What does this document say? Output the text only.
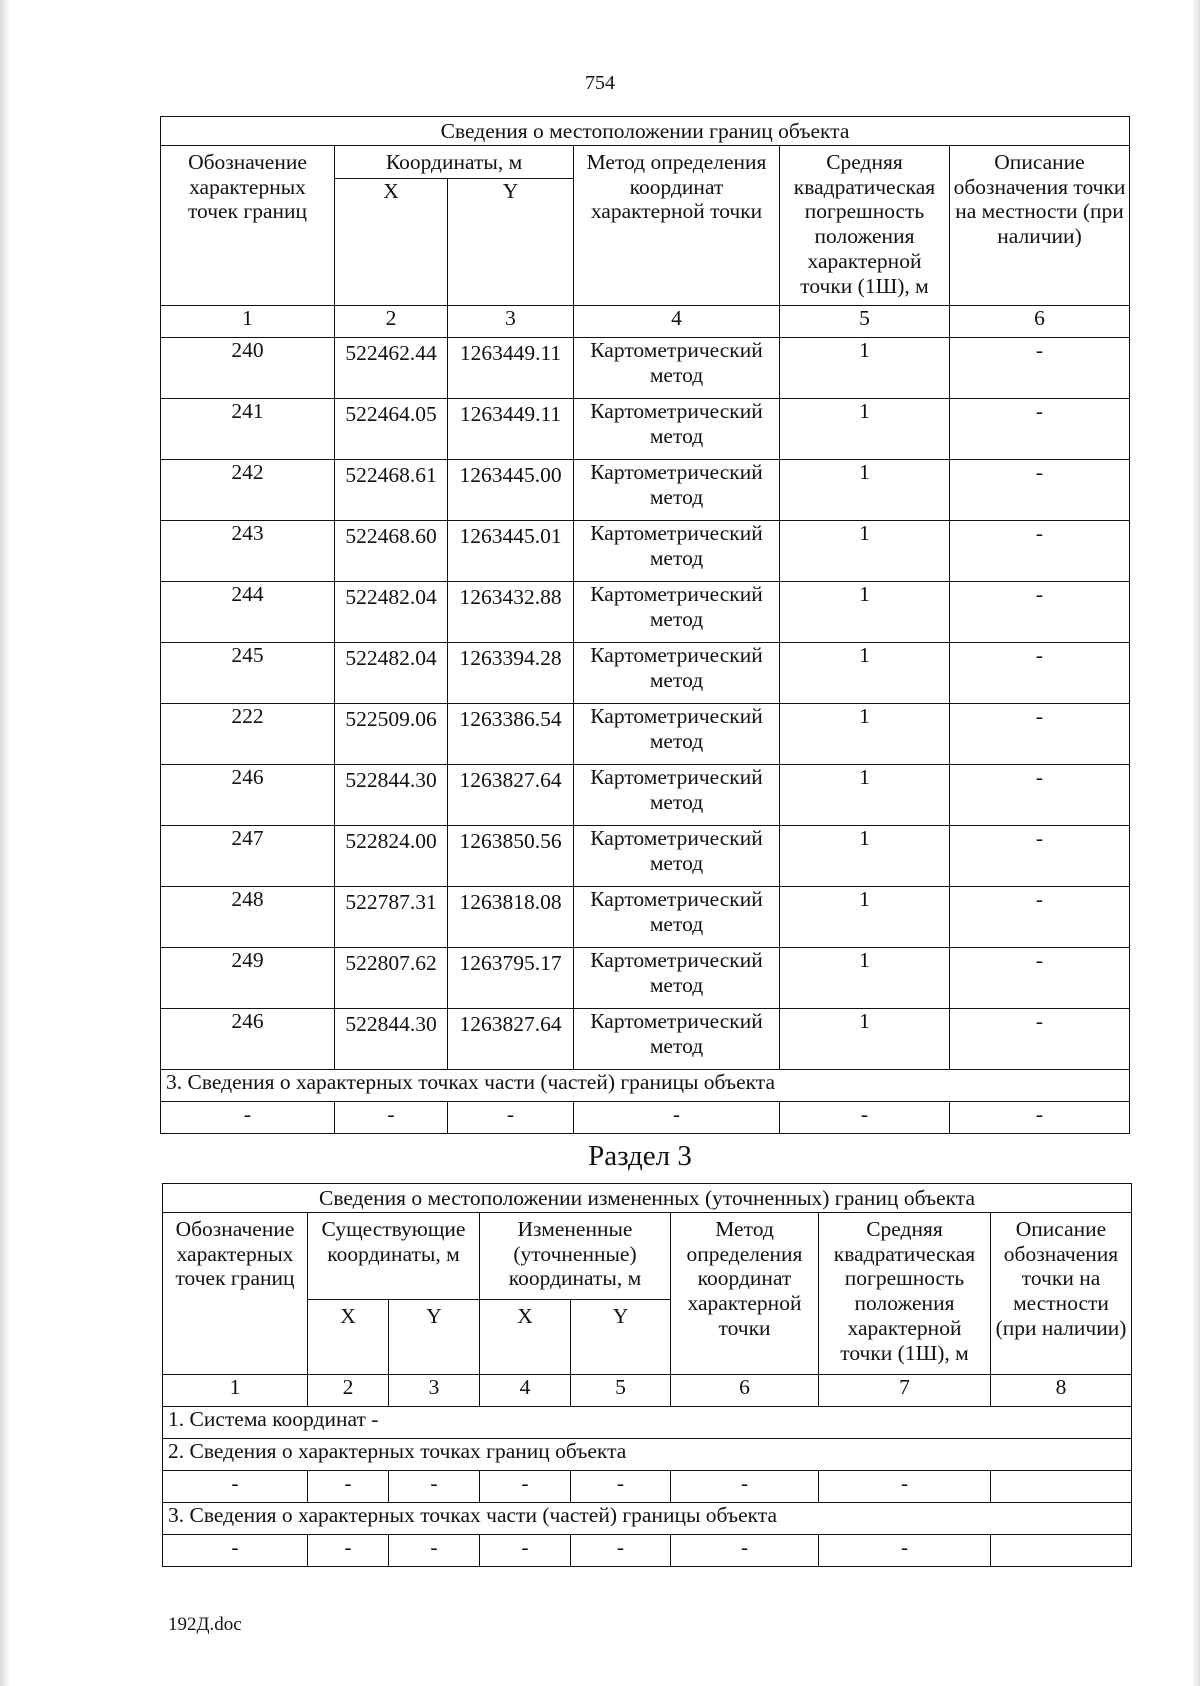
754
Сведения о местоположении границ объекта					
Обозначение характерных точек границ	Координаты, м		Метод определения координат характерной точки	Средняя квадратическая погрешность положения характерной точки (1Ш), м	Описание обозначения точки на местности (при наличии)
	X	Y			
1	2	3	4	5	6
240	522462.44	1263449.11	Картометрический метод	1	-
241	522464.05	1263449.11	Картометрический метод	1	-
242	522468.61	1263445.00	Картометрический метод	1	-
243	522468.60	1263445.01	Картометрический метод	1	-
244	522482.04	1263432.88	Картометрический метод	1	-
245	522482.04	1263394.28	Картометрический метод	1	-
222	522509.06	1263386.54	Картометрический метод	1	-
246	522844.30	1263827.64	Картометрический метод	1	-
247	522824.00	1263850.56	Картометрический метод	1	-
248	522787.31	1263818.08	Картометрический метод	1	-
249	522807.62	1263795.17	Картометрический метод	1	-
246	522844.30	1263827.64	Картометрический метод	1	-
3. Сведения о характерных точках части (частей) границы объекта					
-	-	-	-	-	-
Раздел 3
Сведения о местоположении измененных (уточненных) границ объекта							
Обозначение характерных точек границ	Существующие координаты, м		Измененные (уточненные) координаты, м		Метод определения координат характерной точки	Средняя квадратическая погрешность положения характерной точки (1Ш), м	Описание обозначения точки на местности (при наличии)
	X	Y	X	Y			
1	2	3	4	5	6	7	8
1. Система координат -							
2. Сведения о характерных точках границ объекта							
-	-	-	-	-	-	-	
3. Сведения о характерных точках части (частей) границы объекта							
-	-	-	-	-	-	-	
192Д.doc
